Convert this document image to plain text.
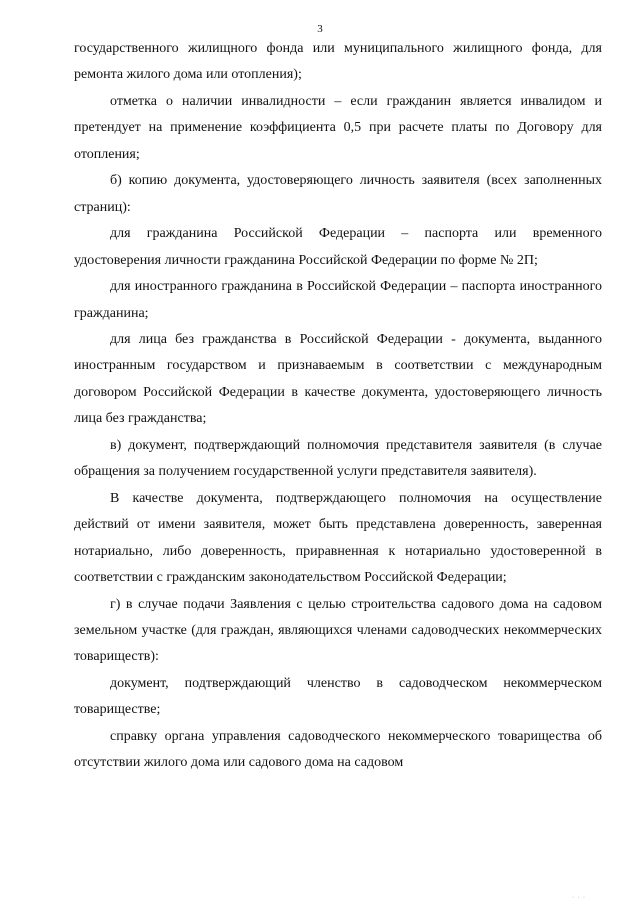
3

государственного жилищного фонда или муниципального жилищного фонда, для ремонта жилого дома или отопления);

отметка о наличии инвалидности – если гражданин является инвалидом и претендует на применение коэффициента 0,5 при расчете платы по Договору для отопления;

б) копию документа, удостоверяющего личность заявителя (всех заполненных страниц):

для гражданина Российской Федерации – паспорта или временного удостоверения личности гражданина Российской Федерации по форме № 2П;

для иностранного гражданина в Российской Федерации – паспорта иностранного гражданина;

для лица без гражданства в Российской Федерации - документа, выданного иностранным государством и признаваемым в соответствии с международным договором Российской Федерации в качестве документа, удостоверяющего личность лица без гражданства;

в) документ, подтверждающий полномочия представителя заявителя (в случае обращения за получением государственной услуги представителя заявителя).

В качестве документа, подтверждающего полномочия на осуществление действий от имени заявителя, может быть представлена доверенность, заверенная нотариально, либо доверенность, приравненная к нотариально удостоверенной в соответствии с гражданским законодательством Российской Федерации;

г) в случае подачи Заявления с целью строительства садового дома на садовом земельном участке (для граждан, являющихся членами садоводческих некоммерческих товариществ):

документ, подтверждающий членство в садоводческом некоммерческом товариществе;

справку органа управления садоводческого некоммерческого товарищества об отсутствии жилого дома или садового дома на садовом

· · ·
